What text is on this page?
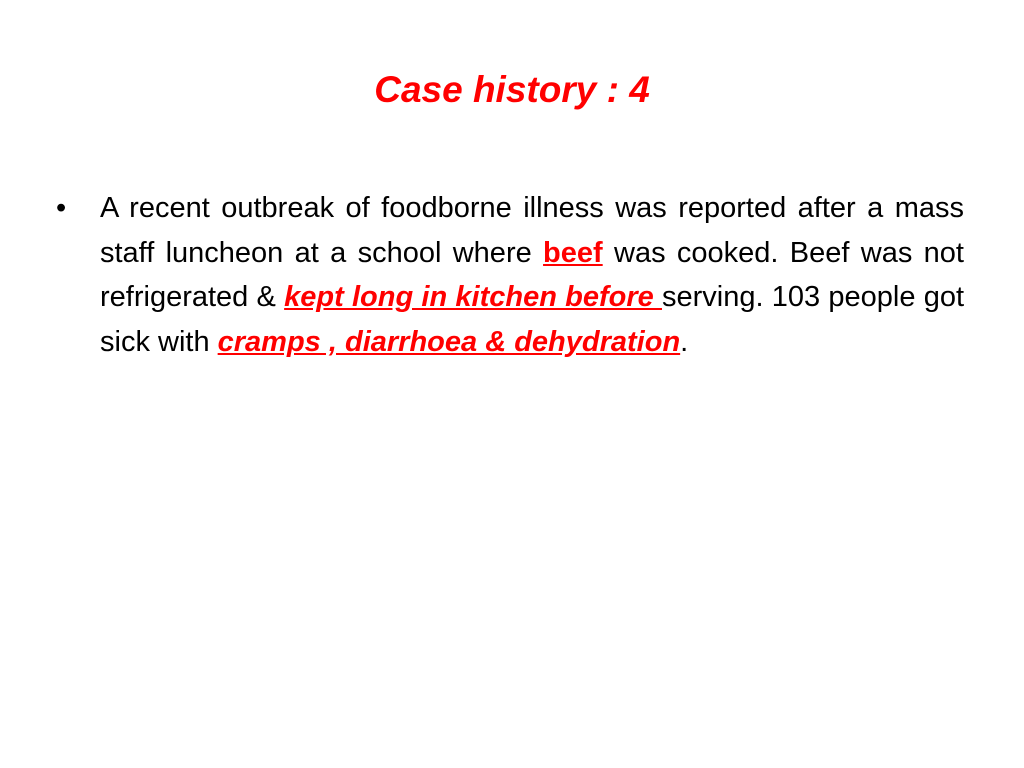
Case history : 4
• A recent outbreak of foodborne illness was reported after a mass staff luncheon at a school where beef was cooked. Beef was not refrigerated & kept long in kitchen before serving. 103 people got sick with cramps , diarrhoea & dehydration.
